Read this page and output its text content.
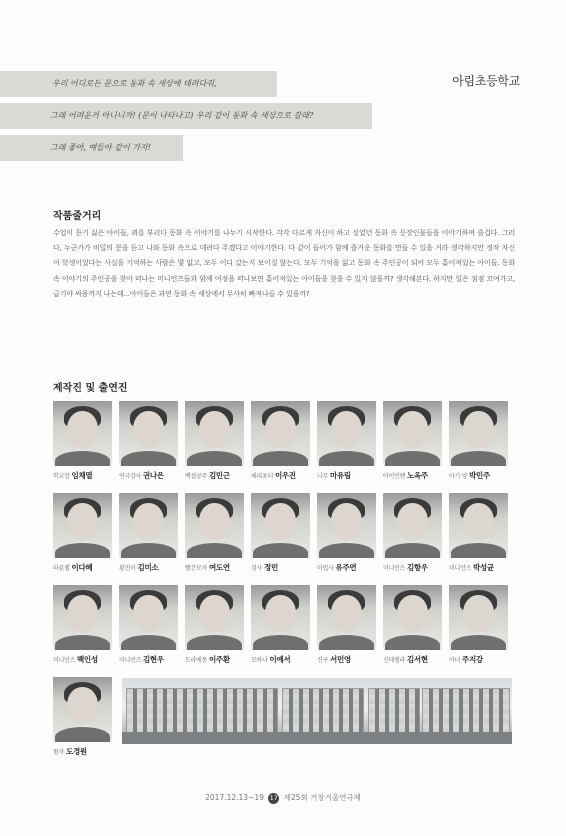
우리 어디로든 문으로 동화 속 세상에 데려다줘,
그래 어려운거 아니니까! (문이 나타나고) 우리 같이 동화 속 세상으로 갈래?
그래 좋아, 예들아 같이 가자!
아림초등학교
작품줄거리
수업이 듣기 싫은 아이들, 꾀를 부리다 동화 속 이야기를 나누기 시작한다. 각각 다르게 자신이 하고 싶었던 동화 속 등장인물들을 이야기하며 즐겁다. 그러다, 누군가가 비밀의 문을 듣고 나와 동화 속으로 데려다 주겠다고 이야기한다. 다 같이 들어가 함께 즐거운 동화를 만들 수 있을 거라 생각하지만 정작 자신이 학생이었다는 사실을 기억하는 사람은 몇 없고, 모두 어디 갔는지 보이질 않는다. 모두 기억을 잃고 동화 속 주인공이 되어 모두 흩어져있는 아이들. 동화 속 이야기의 주인공을 찾아 떠나는 미니언즈들과 함께 여정을 떠나보면 흩어져있는 아이들을 찾을 수 있지 않을까? 생각해본다. 하지만 일은 점점 꼬여가고, 급기야 싸움까지 나는데...아이들은 과연 동화 속 세상에서 무사히 빠져나올 수 있을까?
제작진 및 출연진
학교장 임채열	연극강사 권나은	백설공주 김민근	해리포터 이우진	나무 마유림	아이언맨 노옥주	아기 양 박민주
라푼젤 이다혜	황진이 김미소	빨간모자 여도연	검사 정민	마법사 유주연	미니언즈 김항우	미니언즈 박성균
미니언즈 백인성	미니언즈 김현우	도라에몽 이주환	모하나 이예서	진구 서민영	신데렐라 김서현	마녀 주지강
왕자 도경원
2017.12.13~19 17 제25회 거창겨울연극제
